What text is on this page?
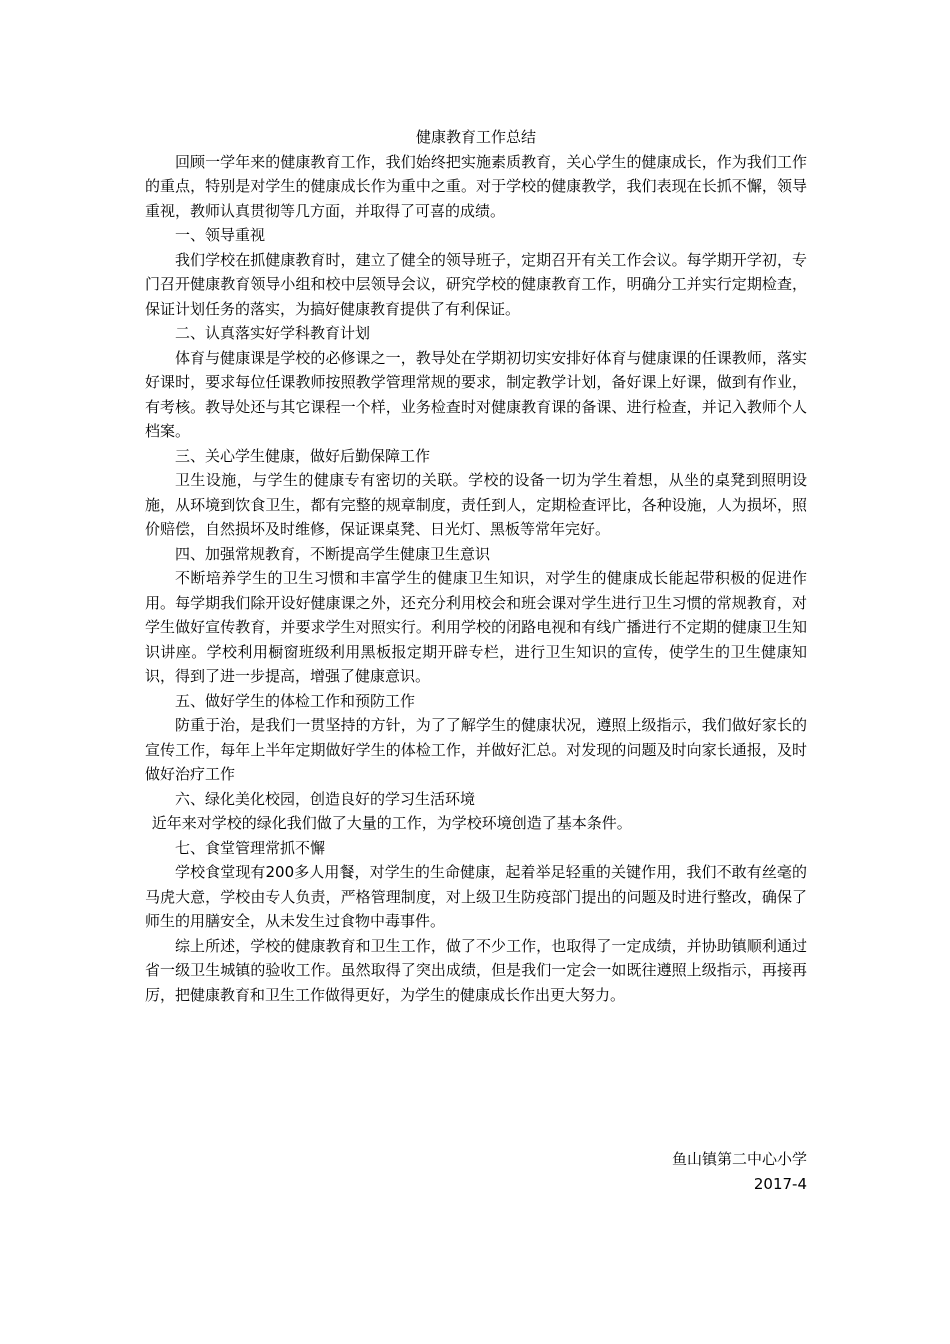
健康教育工作总结

回顾一学年来的健康教育工作，我们始终把实施素质教育，关心学生的健康成长，作为我们工作的重点，特别是对学生的健康成长作为重中之重。对于学校的健康教学，我们表现在长抓不懈，领导重视，教师认真贯彻等几方面，并取得了可喜的成绩。

一、领导重视

我们学校在抓健康教育时，建立了健全的领导班子，定期召开有关工作会议。每学期开学初，专门召开健康教育领导小组和校中层领导会议，研究学校的健康教育工作，明确分工并实行定期检查，保证计划任务的落实，为搞好健康教育提供了有利保证。

二、认真落实好学科教育计划

体育与健康课是学校的必修课之一，教导处在学期初切实安排好体育与健康课的任课教师，落实好课时，要求每位任课教师按照教学管理常规的要求，制定教学计划，备好课上好课，做到有作业，有考核。教导处还与其它课程一个样，业务检查时对健康教育课的备课、进行检查，并记入教师个人档案。

三、关心学生健康，做好后勤保障工作

卫生设施，与学生的健康专有密切的关联。学校的设备一切为学生着想，从坐的桌凳到照明设施，从环境到饮食卫生，都有完整的规章制度，责任到人，定期检查评比，各种设施，人为损坏，照价赔偿，自然损坏及时维修，保证课桌凳、日光灯、黑板等常年完好。

四、加强常规教育，不断提高学生健康卫生意识

不断培养学生的卫生习惯和丰富学生的健康卫生知识，对学生的健康成长能起带积极的促进作用。每学期我们除开设好健康课之外，还充分利用校会和班会课对学生进行卫生习惯的常规教育，对学生做好宣传教育，并要求学生对照实行。利用学校的闭路电视和有线广播进行不定期的健康卫生知识讲座。学校利用橱窗班级利用黑板报定期开辟专栏，进行卫生知识的宣传，使学生的卫生健康知识，得到了进一步提高，增强了健康意识。

五、做好学生的体检工作和预防工作

防重于治，是我们一贯坚持的方针，为了了解学生的健康状况，遵照上级指示，我们做好家长的宣传工作，每年上半年定期做好学生的体检工作，并做好汇总。对发现的问题及时向家长通报，及时做好治疗工作

六、绿化美化校园，创造良好的学习生活环境

近年来对学校的绿化我们做了大量的工作，为学校环境创造了基本条件。

七、食堂管理常抓不懈

学校食堂现有200多人用餐，对学生的生命健康，起着举足轻重的关键作用，我们不敢有丝毫的马虎大意，学校由专人负责，严格管理制度，对上级卫生防疫部门提出的问题及时进行整改，确保了师生的用膳安全，从未发生过食物中毒事件。

综上所述，学校的健康教育和卫生工作，做了不少工作，也取得了一定成绩，并协助镇顺利通过省一级卫生城镇的验收工作。虽然取得了突出成绩，但是我们一定会一如既往遵照上级指示，再接再厉，把健康教育和卫生工作做得更好，为学生的健康成长作出更大努力。

鱼山镇第二中心小学
2017-4
